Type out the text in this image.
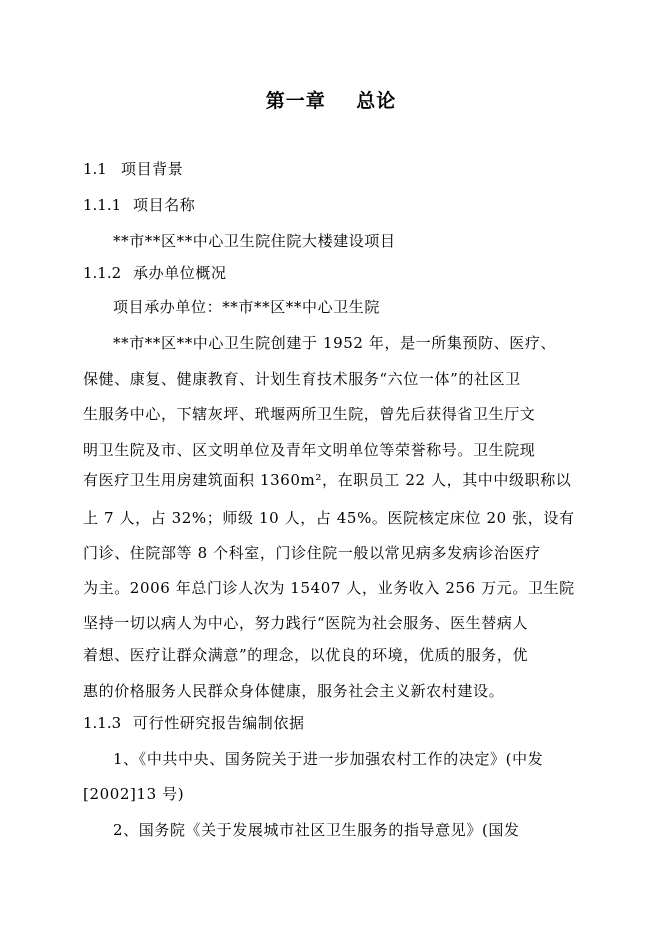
第一章    总论
1.1 项目背景
1.1.1 项目名称
**市**区**中心卫生院住院大楼建设项目
1.1.2 承办单位概况
项目承办单位：**市**区**中心卫生院
**市**区**中心卫生院创建于 1952 年，是一所集预防、医疗、
保健、康复、健康教育、计划生育技术服务“六位一体”的社区卫
生服务中心，下辖灰坪、玳堰两所卫生院，曾先后获得省卫生厅文
明卫生院及市、区文明单位及青年文明单位等荣誉称号。卫生院现
有医疗卫生用房建筑面积 1360m²，在职员工 22 人，其中中级职称以
上 7 人，占 32%；师级 10 人，占 45%。医院核定床位 20 张，设有
门诊、住院部等 8 个科室，门诊住院一般以常见病多发病诊治医疗
为主。2006 年总门诊人次为 15407 人，业务收入 256 万元。卫生院
坚持一切以病人为中心，努力践行“医院为社会服务、医生替病人
着想、医疗让群众满意”的理念，以优良的环境，优质的服务，优
惠的价格服务人民群众身体健康，服务社会主义新农村建设。
1.1.3 可行性研究报告编制依据
1、《中共中央、国务院关于进一步加强农村工作的决定》(中发
[2002]13 号)
2、国务院《关于发展城市社区卫生服务的指导意见》(国发
